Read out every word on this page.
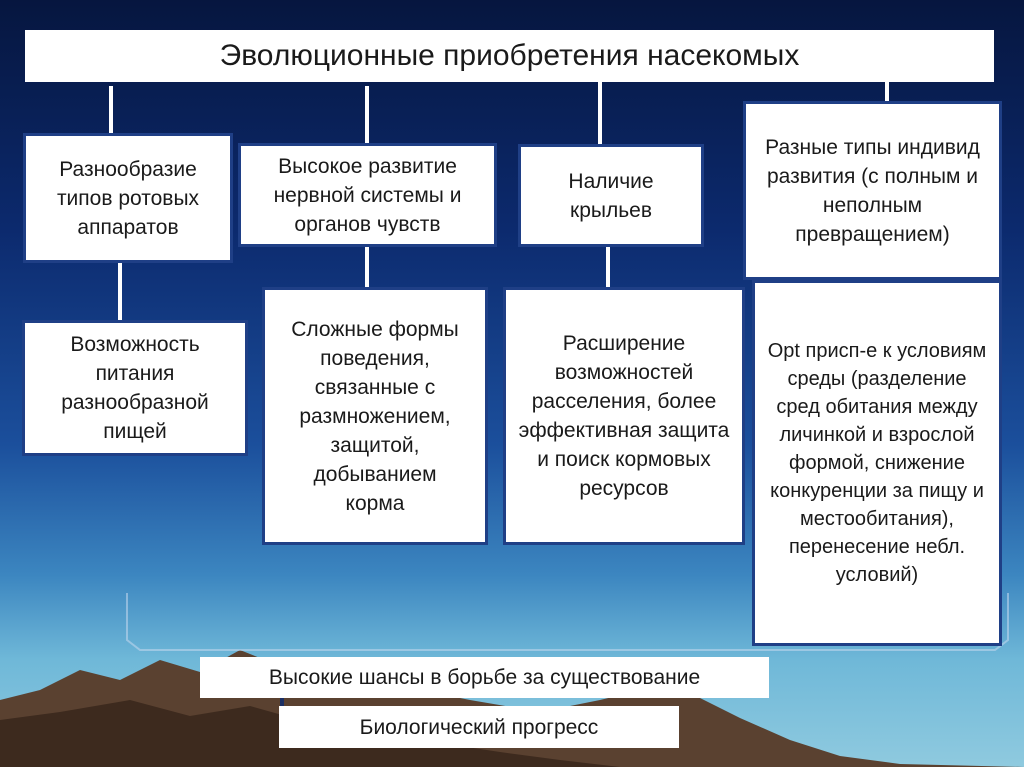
Эволюционные приобретения насекомых
Разнообразие типов ротовых аппаратов
Высокое развитие нервной системы и органов чувств
Наличие крыльев
Разные типы индивид развития (с полным и неполным превращением)
Возможность питания разнообразной пищей
Сложные формы поведения, связанные с размножением, защитой, добыванием корма
Расширение возможностей расселения, более эффективная защита и поиск кормовых ресурсов
Opt присп-е к условиям среды (разделение сред обитания между личинкой и взрослой формой, снижение конкуренции за пищу и местообитания), перенесение небл. условий)
Высокие шансы в борьбе за существование
Биологический прогресс
